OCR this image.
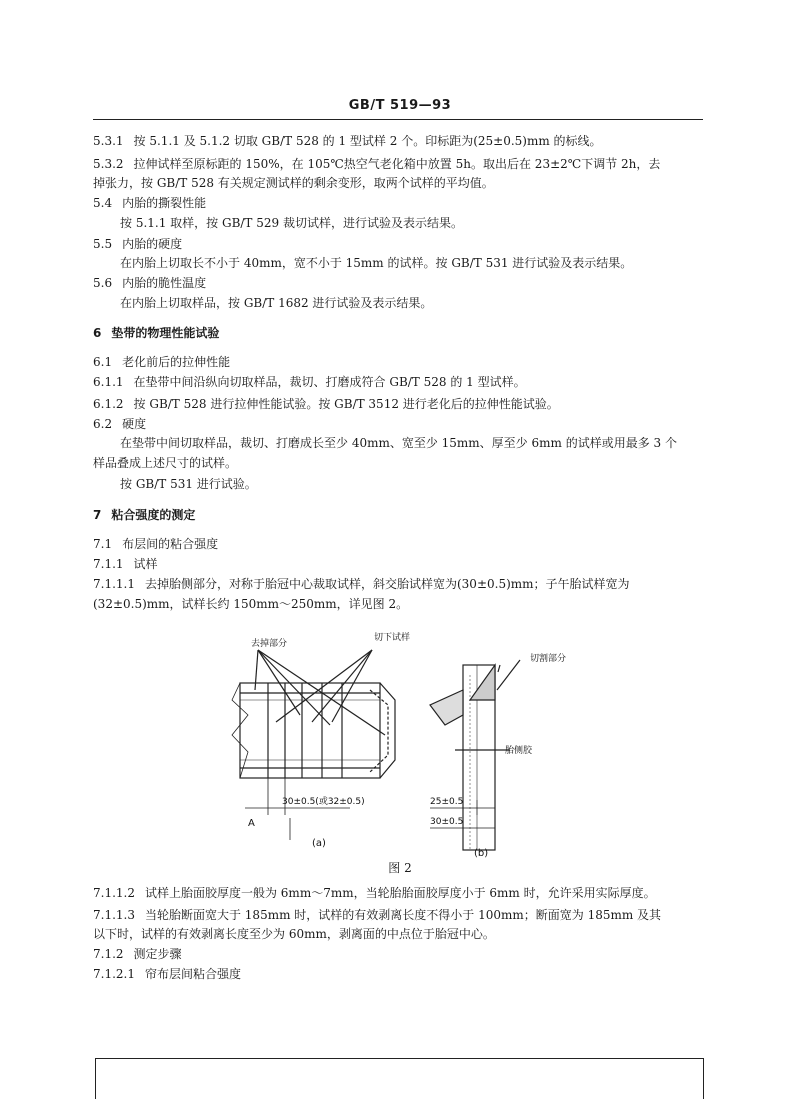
GB/T 519—93
5.3.1 按 5.1.1 及 5.1.2 切取 GB/T 528 的 1 型试样 2 个。印标距为(25±0.5)mm 的标线。
5.3.2 拉伸试样至原标距的 150%，在 105℃热空气老化箱中放置 5h。取出后在 23±2℃下调节 2h，去
掉张力，按 GB/T 528 有关规定测试样的剩余变形，取两个试样的平均值。
5.4 内胎的撕裂性能
按 5.1.1 取样，按 GB/T 529 裁切试样，进行试验及表示结果。
5.5 内胎的硬度
在内胎上切取长不小于 40mm，宽不小于 15mm 的试样。按 GB/T 531 进行试验及表示结果。
5.6 内胎的脆性温度
在内胎上切取样品，按 GB/T 1682 进行试验及表示结果。
6 垫带的物理性能试验
6.1 老化前后的拉伸性能
6.1.1 在垫带中间沿纵向切取样品，裁切、打磨成符合 GB/T 528 的 1 型试样。
6.1.2 按 GB/T 528 进行拉伸性能试验。按 GB/T 3512 进行老化后的拉伸性能试验。
6.2 硬度
在垫带中间切取样品，裁切、打磨成长至少 40mm、宽至少 15mm、厚至少 6mm 的试样或用最多 3 个
样品叠成上述尺寸的试样。
按 GB/T 531 进行试验。
7 粘合强度的测定
7.1 布层间的粘合强度
7.1.1 试样
7.1.1.1 去掉胎侧部分，对称于胎冠中心裁取试样，斜交胎试样宽为(30±0.5)mm；子午胎试样宽为
(32±0.5)mm，试样长约 150mm～250mm，详见图 2。
去掉部分
切下试样
切割部分
胎侧胶
A
30±0.5(或32±0.5)	25±0.5
30±0.5
(a)
(b)
图 2
7.1.1.2 试样上胎面胶厚度一般为 6mm～7mm，当轮胎胎面胶厚度小于 6mm 时，允许采用实际厚度。
7.1.1.3 当轮胎断面宽大于 185mm 时，试样的有效剥离长度不得小于 100mm；断面宽为 185mm 及其
以下时，试样的有效剥离长度至少为 60mm，剥离面的中点位于胎冠中心。
7.1.2 测定步骤
7.1.2.1 帘布层间粘合强度
